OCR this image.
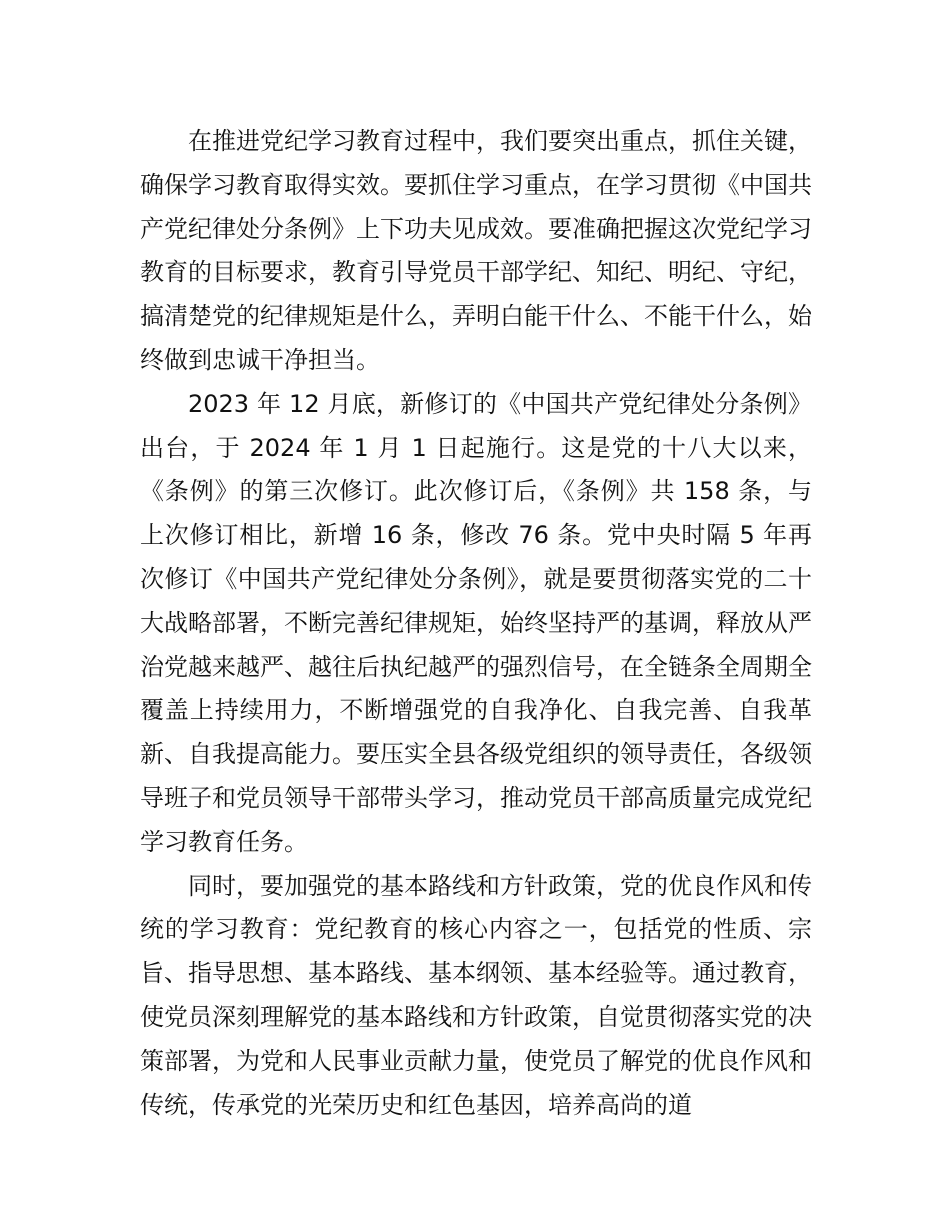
在推进党纪学习教育过程中，我们要突出重点，抓住关键，确保学习教育取得实效。要抓住学习重点，在学习贯彻《中国共产党纪律处分条例》上下功夫见成效。要准确把握这次党纪学习教育的目标要求，教育引导党员干部学纪、知纪、明纪、守纪，搞清楚党的纪律规矩是什么，弄明白能干什么、不能干什么，始终做到忠诚干净担当。

2023 年 12 月底，新修订的《中国共产党纪律处分条例》出台，于 2024 年 1 月 1 日起施行。这是党的十八大以来，《条例》的第三次修订。此次修订后，《条例》共 158 条，与上次修订相比，新增 16 条，修改 76 条。党中央时隔 5 年再次修订《中国共产党纪律处分条例》，就是要贯彻落实党的二十大战略部署，不断完善纪律规矩，始终坚持严的基调，释放从严治党越来越严、越往后执纪越严的强烈信号，在全链条全周期全覆盖上持续用力，不断增强党的自我净化、自我完善、自我革新、自我提高能力。要压实全县各级党组织的领导责任，各级领导班子和党员领导干部带头学习，推动党员干部高质量完成党纪学习教育任务。

同时，要加强党的基本路线和方针政策，党的优良作风和传统的学习教育：党纪教育的核心内容之一，包括党的性质、宗旨、指导思想、基本路线、基本纲领、基本经验等。通过教育，使党员深刻理解党的基本路线和方针政策，自觉贯彻落实党的决策部署，为党和人民事业贡献力量，使党员了解党的优良作风和传统，传承党的光荣历史和红色基因，培养高尚的道
